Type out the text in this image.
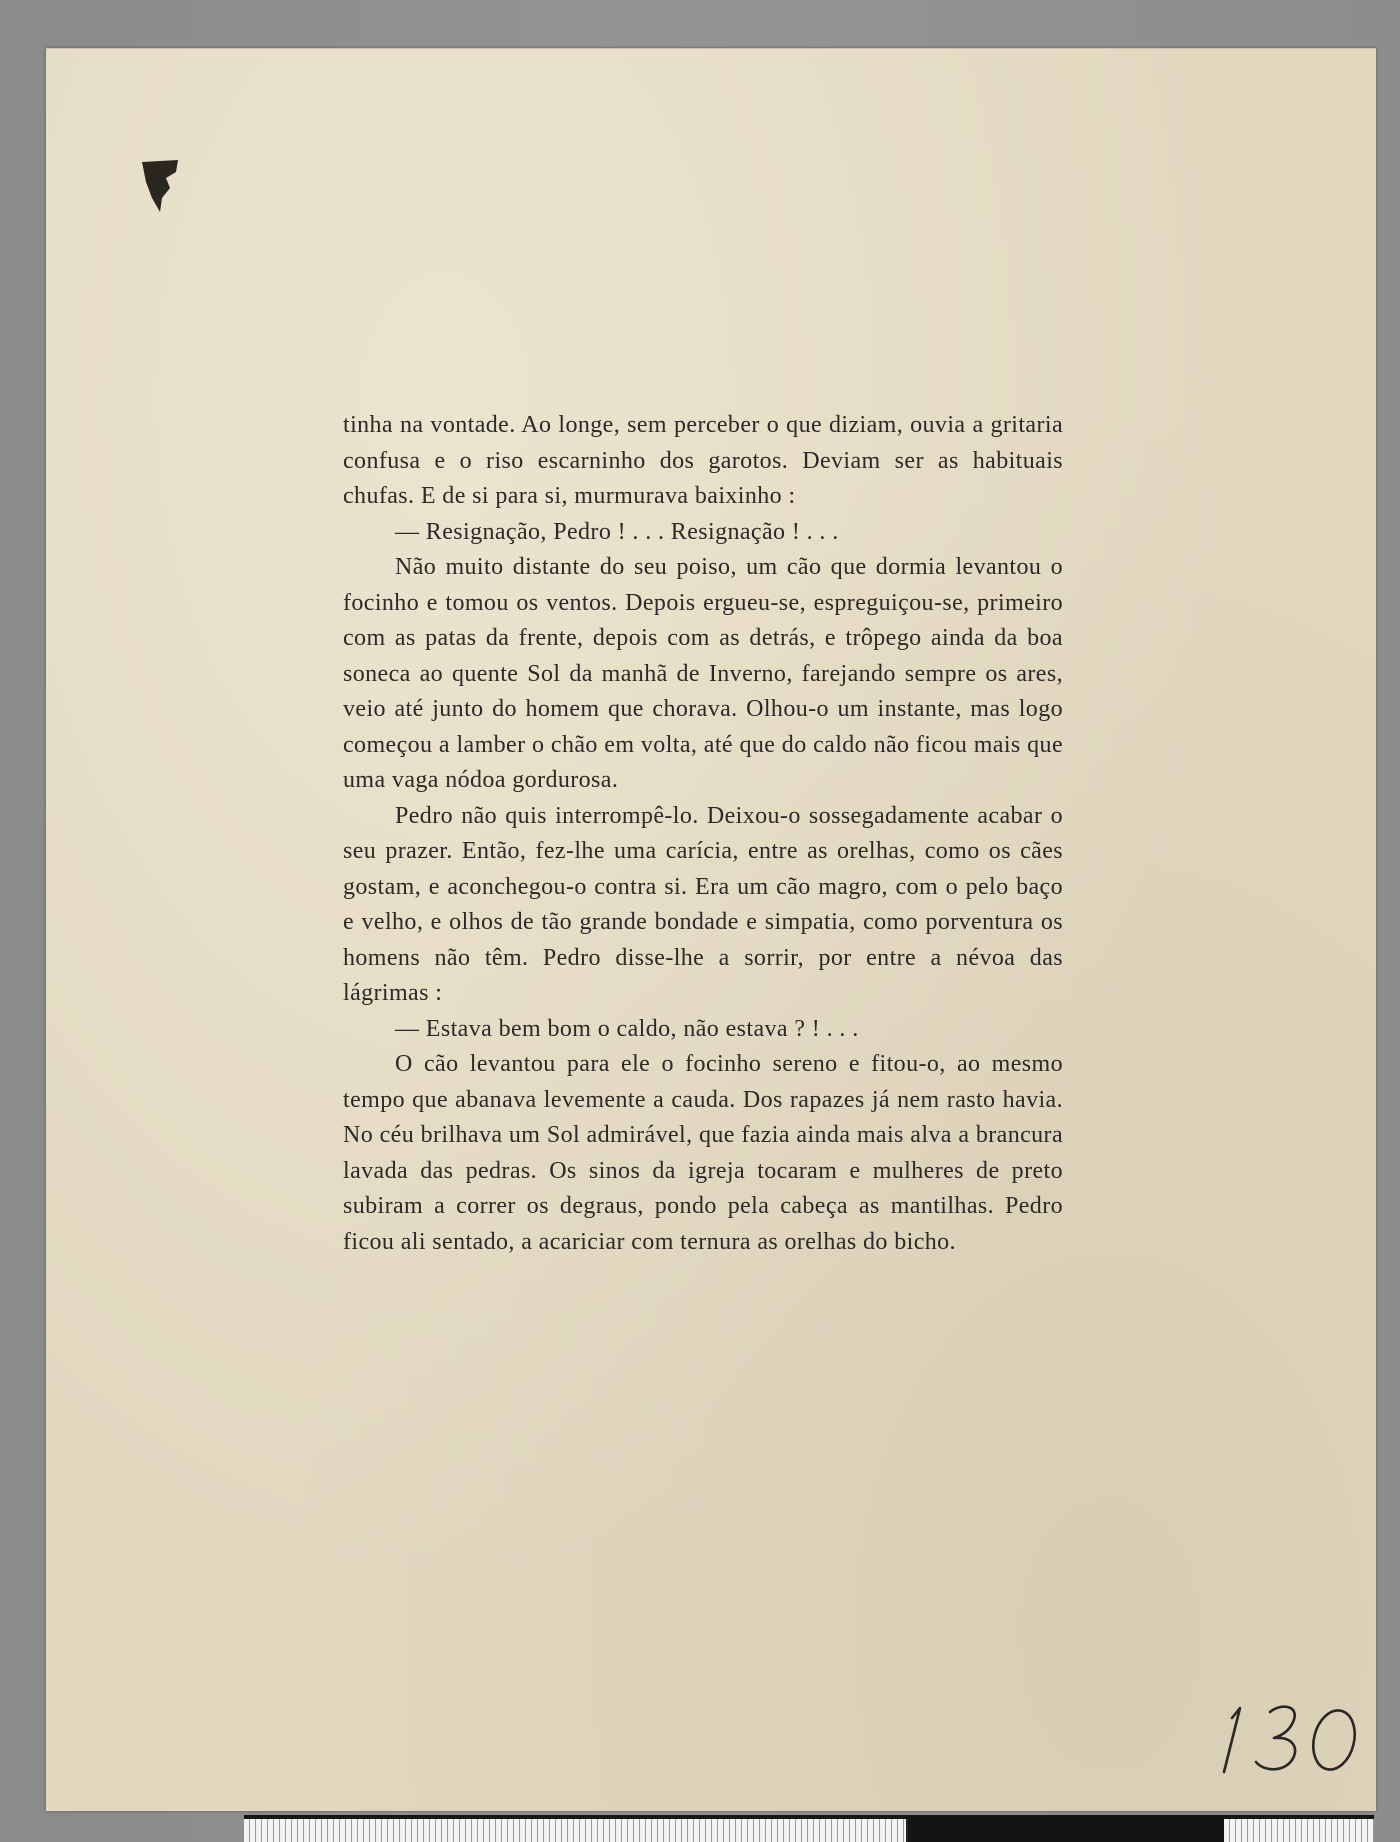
tinha na vontade. Ao longe, sem perceber o que diziam, ouvia a gritaria confusa e o riso escarninho dos garotos. Deviam ser as habituais chufas. E de si para si, murmurava baixinho :

— Resignação, Pedro ! . . . Resignação ! . . .

Não muito distante do seu poiso, um cão que dormia levantou o focinho e tomou os ventos. Depois ergueu-se, espreguiçou-se, primeiro com as patas da frente, depois com as detrás, e trôpego ainda da boa soneca ao quente Sol da manhã de Inverno, farejando sempre os ares, veio até junto do homem que chorava. Olhou-o um instante, mas logo começou a lamber o chão em volta, até que do caldo não ficou mais que uma vaga nódoa gordurosa.

Pedro não quis interrompê-lo. Deixou-o sossegadamente acabar o seu prazer. Então, fez-lhe uma carícia, entre as orelhas, como os cães gostam, e aconchegou-o contra si. Era um cão magro, com o pelo baço e velho, e olhos de tão grande bondade e simpatia, como porventura os homens não têm. Pedro disse-lhe a sorrir, por entre a névoa das lágrimas :

— Estava bem bom o caldo, não estava ? ! . . .

O cão levantou para ele o focinho sereno e fitou-o, ao mesmo tempo que abanava levemente a cauda. Dos rapazes já nem rasto havia. No céu brilhava um Sol admirável, que fazia ainda mais alva a brancura lavada das pedras. Os sinos da igreja tocaram e mulheres de preto subiram a correr os degraus, pondo pela cabeça as mantilhas. Pedro ficou ali sentado, a acariciar com ternura as orelhas do bicho.
